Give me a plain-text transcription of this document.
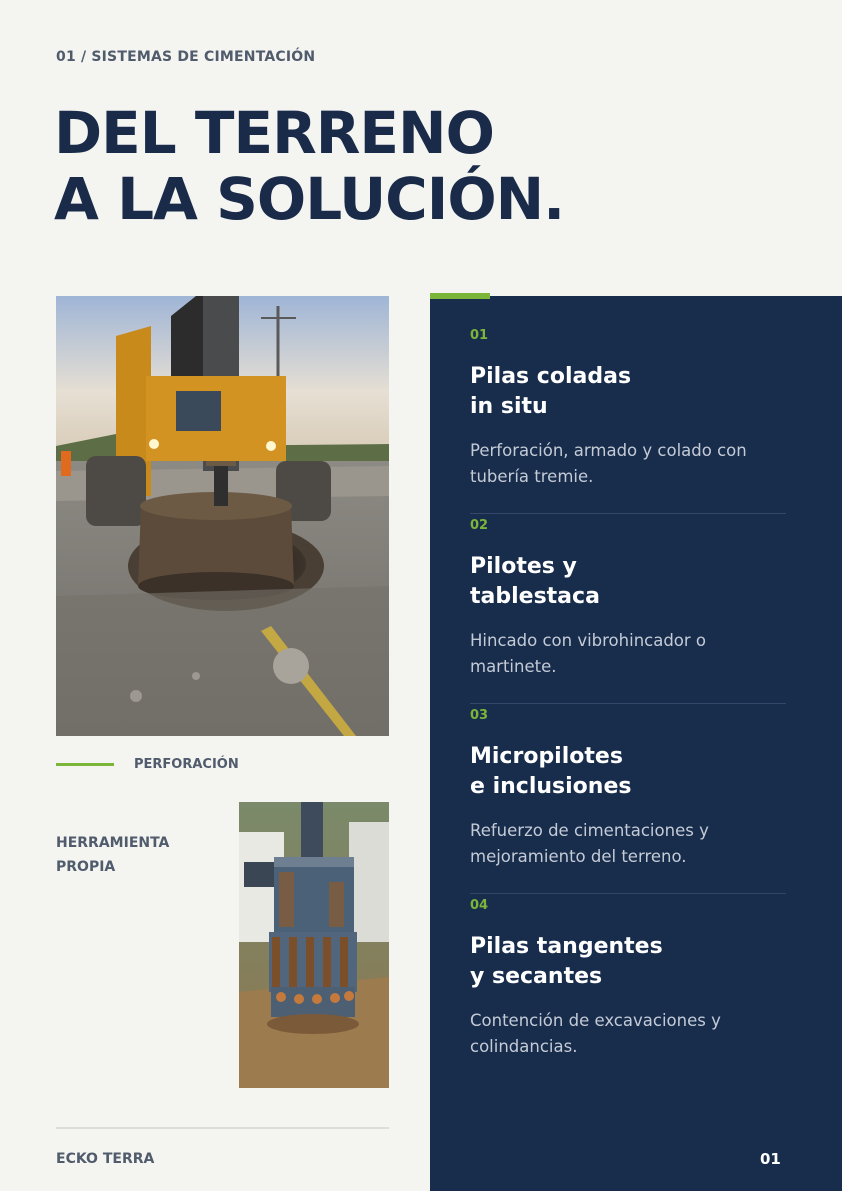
01 / SISTEMAS DE CIMENTACIÓN
DEL TERRENO
A LA SOLUCIÓN.
PERFORACIÓN
HERRAMIENTA
PROPIA
ECKO TERRA
01
Pilas coladas
in situ
Perforación, armado y colado con tubería tremie.
02
Pilotes y
tablestaca
Hincado con vibrohincador o martinete.
03
Micropilotes
e inclusiones
Refuerzo de cimentaciones y mejoramiento del terreno.
04
Pilas tangentes
y secantes
Contención de excavaciones y colindancias.
01
